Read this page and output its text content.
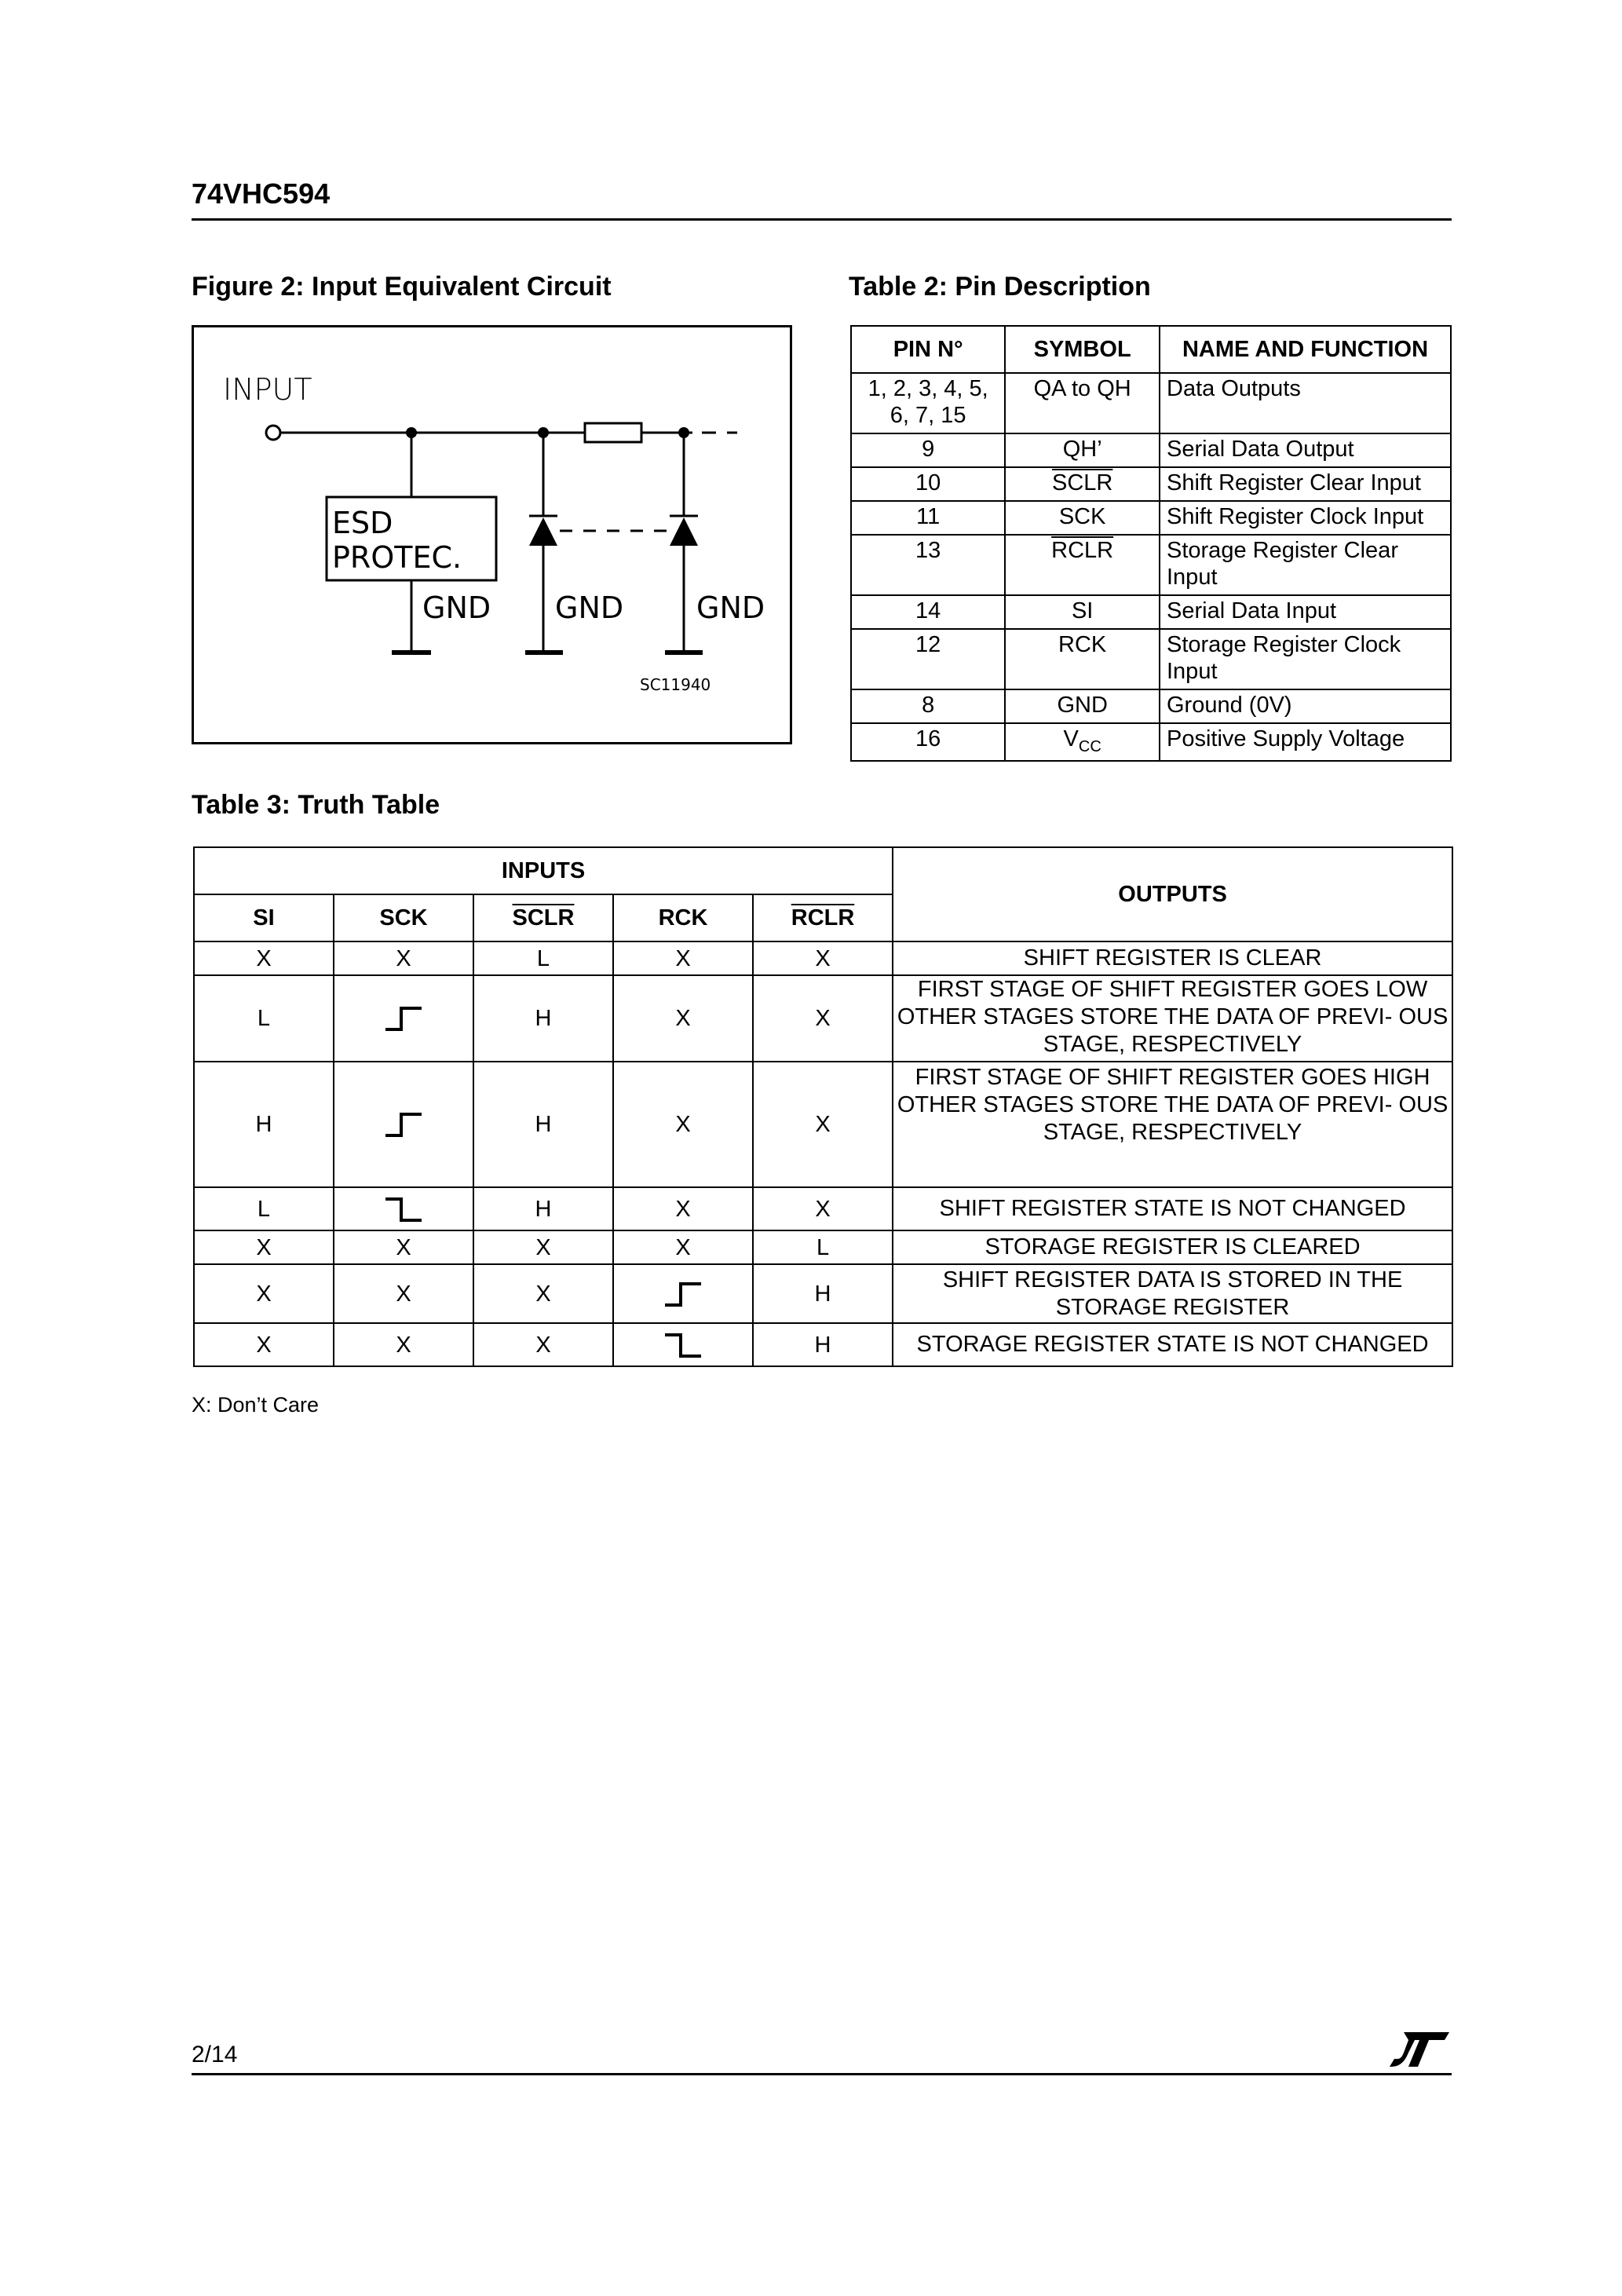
74VHC594
Figure 2: Input Equivalent Circuit
INPUT
ESD
PROTEC.
GND GND GND
SC11940
Table 2: Pin Description
PIN N°	SYMBOL	NAME AND FUNCTION
1, 2, 3, 4, 5, 6, 7, 15	QA to QH	Data Outputs
9	QH’	Serial Data Output
10	SCLR	Shift Register Clear Input
11	SCK	Shift Register Clock Input
13	RCLR	Storage Register Clear Input
14	SI	Serial Data Input
12	RCK	Storage Register Clock Input
8	GND	Ground (0V)
16	$V_{CC}$	Positive Supply Voltage
Table 3: Truth Table
INPUTS					OUTPUTS
SI	SCK	SCLR	RCK	RCLR	
X	X	L	X	X	SHIFT REGISTER IS CLEAR
L		H	X	X	FIRST STAGE OF SHIFT REGISTER GOES LOW OTHER STAGES STORE THE DATA OF PREVI- OUS STAGE, RESPECTIVELY
H		H	X	X	FIRST STAGE OF SHIFT REGISTER GOES HIGH OTHER STAGES STORE THE DATA OF PREVI- OUS STAGE, RESPECTIVELY
L		H	X	X	SHIFT REGISTER STATE IS NOT CHANGED
X	X	X	X	L	STORAGE REGISTER IS CLEARED
X	X	X		H	SHIFT REGISTER DATA IS STORED IN THE STORAGE REGISTER
X	X	X		H	STORAGE REGISTER STATE IS NOT CHANGED
X: Don’t Care
2/14
